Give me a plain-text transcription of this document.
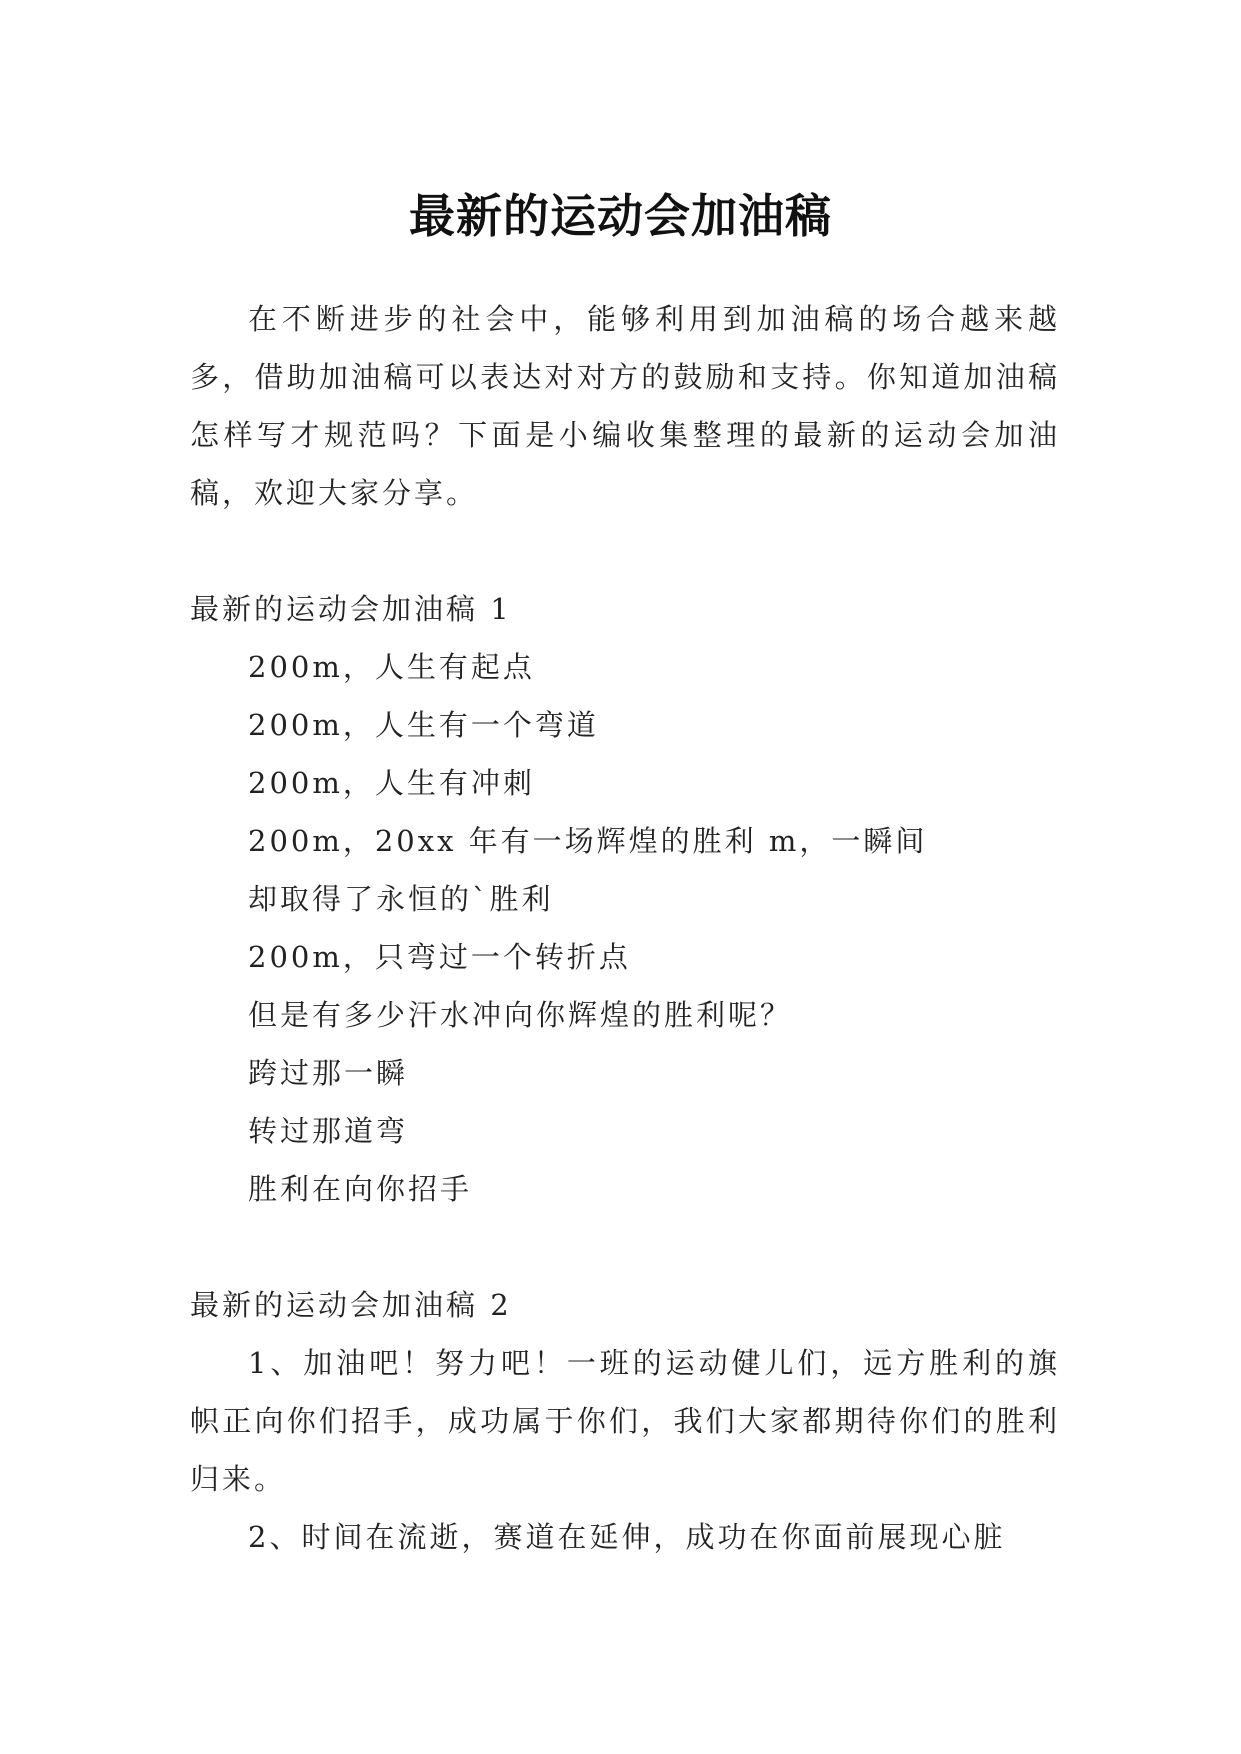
最新的运动会加油稿

在不断进步的社会中，能够利用到加油稿的场合越来越多，借助加油稿可以表达对对方的鼓励和支持。你知道加油稿怎样写才规范吗？下面是小编收集整理的最新的运动会加油稿，欢迎大家分享。

最新的运动会加油稿 1

200m，人生有起点

200m，人生有一个弯道

200m，人生有冲刺

200m，20xx 年有一场辉煌的胜利 m，一瞬间

却取得了永恒的`胜利

200m，只弯过一个转折点

但是有多少汗水冲向你辉煌的胜利呢？

跨过那一瞬

转过那道弯

胜利在向你招手

最新的运动会加油稿 2

1、加油吧！努力吧！一班的运动健儿们，远方胜利的旗帜正向你们招手，成功属于你们，我们大家都期待你们的胜利归来。

2、时间在流逝，赛道在延伸，成功在你面前展现心脏
